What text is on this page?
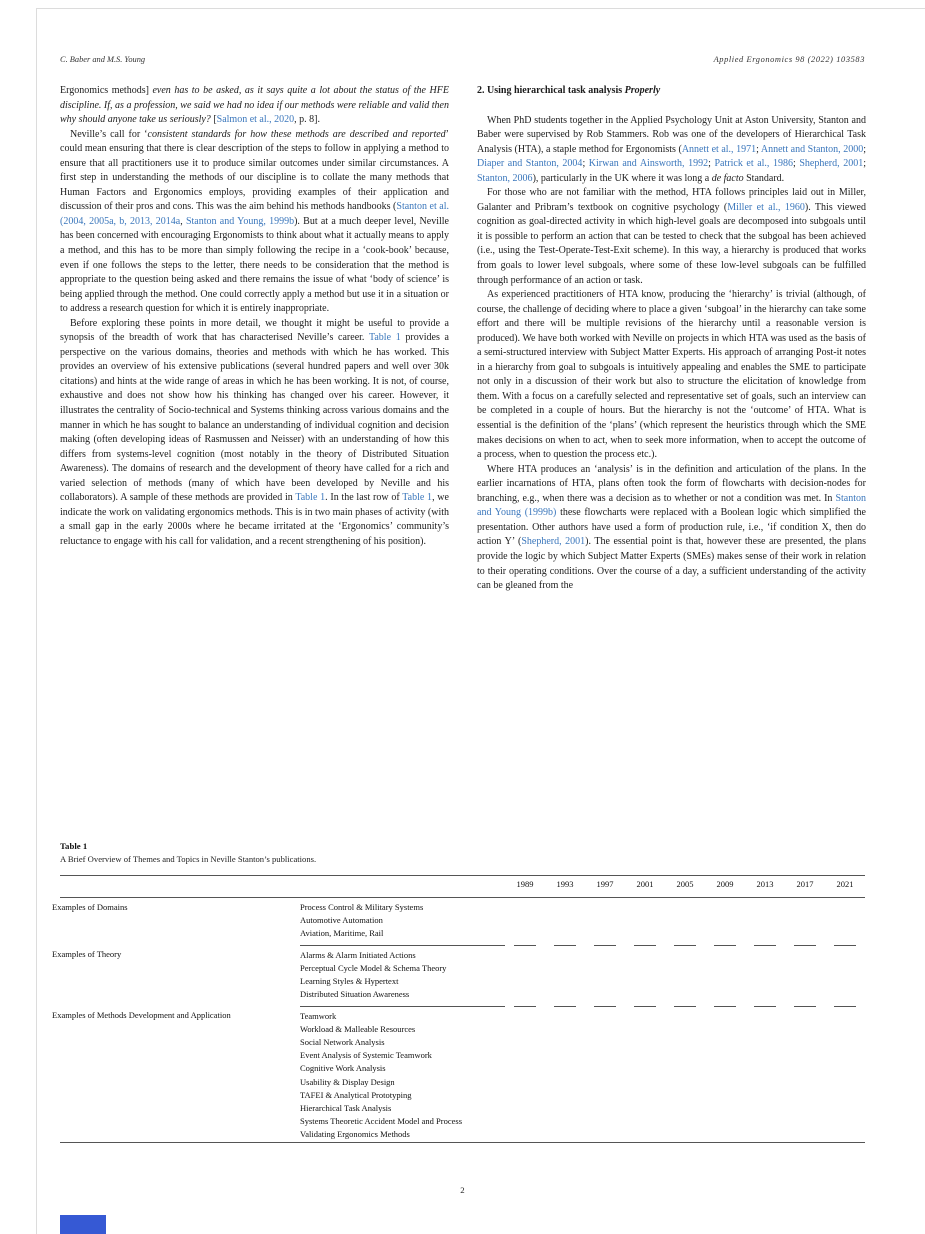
C. Baber and M.S. Young	Applied Ergonomics 98 (2022) 103583

Ergonomics methods] even has to be asked, as it says quite a lot about the status of the HFE discipline. If, as a profession, we said we had no idea if our methods were reliable and valid then why should anyone take us seriously? [Salmon et al., 2020, p. 8].

Neville’s call for ‘consistent standards for how these methods are described and reported’ could mean ensuring that there is clear description of the steps to follow in applying a method to ensure that all practitioners use it to produce similar outcomes under similar circumstances. A first step in understanding the methods of our discipline is to collate the many methods that Human Factors and Ergonomics employs, providing examples of their application and discussion of their pros and cons. This was the aim behind his methods handbooks (Stanton et al. (2004, 2005a, b, 2013, 2014a, Stanton and Young, 1999b). But at a much deeper level, Neville has been concerned with encouraging Ergonomists to think about what it actually means to apply a method, and this has to be more than simply following the recipe in a ‘cook-book’ because, even if one follows the steps to the letter, there needs to be consideration that the method is appropriate to the question being asked and there remains the issue of what ‘body of science’ is being applied through the method. One could correctly apply a method but use it in a situation or to address a research question for which it is entirely inappropriate.

Before exploring these points in more detail, we thought it might be useful to provide a synopsis of the breadth of work that has characterised Neville’s career. Table 1 provides a perspective on the various domains, theories and methods with which he has worked. This provides an overview of his extensive publications (several hundred papers and well over 30k citations) and hints at the wide range of areas in which he has been working. It is not, of course, exhaustive and does not show how his thinking has changed over his career. However, it illustrates the centrality of Socio-technical and Systems thinking across various domains and the manner in which he has sought to balance an understanding of individual cognition and decision making (often developing ideas of Rasmussen and Neisser) with an understanding of how this differs from systems-level cognition (most notably in the theory of Distributed Situation Awareness). The domains of research and the development of theory have called for a rich and varied selection of methods (many of which have been developed by Neville and his collaborators). A sample of these methods are provided in Table 1. In the last row of Table 1, we indicate the work on validating ergonomics methods. This is in two main phases of activity (with a small gap in the early 2000s where he became irritated at the ‘Ergonomics’ community’s reluctance to engage with his call for validation, and a recent strengthening of his position).

2. Using hierarchical task analysis Properly

When PhD students together in the Applied Psychology Unit at Aston University, Stanton and Baber were supervised by Rob Stammers. Rob was one of the developers of Hierarchical Task Analysis (HTA), a staple method for Ergonomists (Annett et al., 1971; Annett and Stanton, 2000; Diaper and Stanton, 2004; Kirwan and Ainsworth, 1992; Patrick et al., 1986; Shepherd, 2001; Stanton, 2006), particularly in the UK where it was long a de facto Standard.

For those who are not familiar with the method, HTA follows principles laid out in Miller, Galanter and Pribram’s textbook on cognitive psychology (Miller et al., 1960). This viewed cognition as goal-directed activity in which high-level goals are decomposed into subgoals until it is possible to perform an action that can be tested to check that the subgoal has been achieved (i.e., using the Test-Operate-Test-Exit scheme). In this way, a hierarchy is produced that works from goals to lower level subgoals, where some of these low-level subgoals can be fulfilled through performance of an action or task.

As experienced practitioners of HTA know, producing the ‘hierarchy’ is trivial (although, of course, the challenge of deciding where to place a given ‘subgoal’ in the hierarchy can take some effort and there will be multiple revisions of the hierarchy until a reasonable version is produced). We have both worked with Neville on projects in which HTA was used as the basis of a semi-structured interview with Subject Matter Experts. His approach of arranging Post-it notes in a hierarchy from goal to subgoals is intuitively appealing and enables the SME to participate not only in a discussion of their work but also to structure the elicitation of knowledge from them. With a focus on a carefully selected and representative set of goals, such an interview can be completed in a couple of hours. But the hierarchy is not the ‘outcome’ of HTA. What is essential is the definition of the ‘plans’ (which represent the heuristics through which the SME makes decisions on when to act, when to seek more information, when to accept the outcome of a process, when to question the process etc.).

Where HTA produces an ‘analysis’ is in the definition and articulation of the plans. In the earlier incarnations of HTA, plans often took the form of flowcharts with decision-nodes for branching, e.g., when there was a decision as to whether or not a condition was met. In Stanton and Young (1999b) these flowcharts were replaced with a Boolean logic which simplified the presentation. Other authors have used a form of production rule, i.e., ‘if condition X, then do action Y’ (Shepherd, 2001). The essential point is that, however these are presented, the plans provide the logic by which Subject Matter Experts (SMEs) makes sense of their work in relation to their operating conditions. Over the course of a day, a sufficient understanding of the activity can be gleaned from the

Table 1
A Brief Overview of Themes and Topics in Neville Stanton’s publications.
		1989	1993	1997	2001	2005	2009	2013	2017	2021
Examples of Domains	Process Control & Military Systems									
	Automotive Automation									
	Aviation, Maritime, Rail	

Examples of Theory	Alarms & Alarm Initiated Actions									
	Perceptual Cycle Model & Schema Theory									
	Learning Styles & Hypertext									
	Distributed Situation Awareness	

Examples of Methods Development and Application	Teamwork									
	Workload & Malleable Resources									
	Social Network Analysis									
	Event Analysis of Systemic Teamwork									
	Cognitive Work Analysis									
	Usability & Display Design									
	TAFEI & Analytical Prototyping									
	Hierarchical Task Analysis									
	Systems Theoretic Accident Model and Process									
	Validating Ergonomics Methods									
2
